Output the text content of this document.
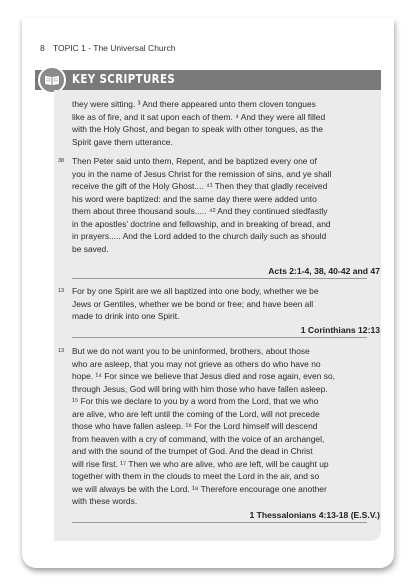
8 TOPIC 1 - The Universal Church
KEY SCRIPTURES

they were sitting. ³ And there appeared unto them cloven tongues

like as of fire, and it sat upon each of them. ⁴ And they were all filled

with the Holy Ghost, and began to speak with other tongues, as the

Spirit gave them utterance.

38 Then Peter said unto them, Repent, and be baptized every one of

you in the name of Jesus Christ for the remission of sins, and ye shall

receive the gift of the Holy Ghost.... ⁴¹ Then they that gladly received

his word were baptized: and the same day there were added unto

them about three thousand souls..... ⁴² And they continued stedfastly

in the apostles’ doctrine and fellowship, and in breaking of bread, and

in prayers..... And the Lord added to the church daily such as should

be saved.

Acts 2:1-4, 38, 40-42 and 47
13 For by one Spirit are we all baptized into one body, whether we be

Jews or Gentiles, whether we be bond or free; and have been all

made to drink into one Spirit.

1 Corinthians 12:13
13 But we do not want you to be uninformed, brothers, about those

who are asleep, that you may not grieve as others do who have no

hope. ¹⁴ For since we believe that Jesus died and rose again, even so,

through Jesus, God will bring with him those who have fallen asleep.

¹⁵ For this we declare to you by a word from the Lord, that we who

are alive, who are left until the coming of the Lord, will not precede

those who have fallen asleep. ¹⁶ For the Lord himself will descend

from heaven with a cry of command, with the voice of an archangel,

and with the sound of the trumpet of God. And the dead in Christ

will rise first. ¹⁷ Then we who are alive, who are left, will be caught up

together with them in the clouds to meet the Lord in the air, and so

we will always be with the Lord. ¹⁸ Therefore encourage one another

with these words.

1 Thessalonians 4:13-18 (E.S.V.)
